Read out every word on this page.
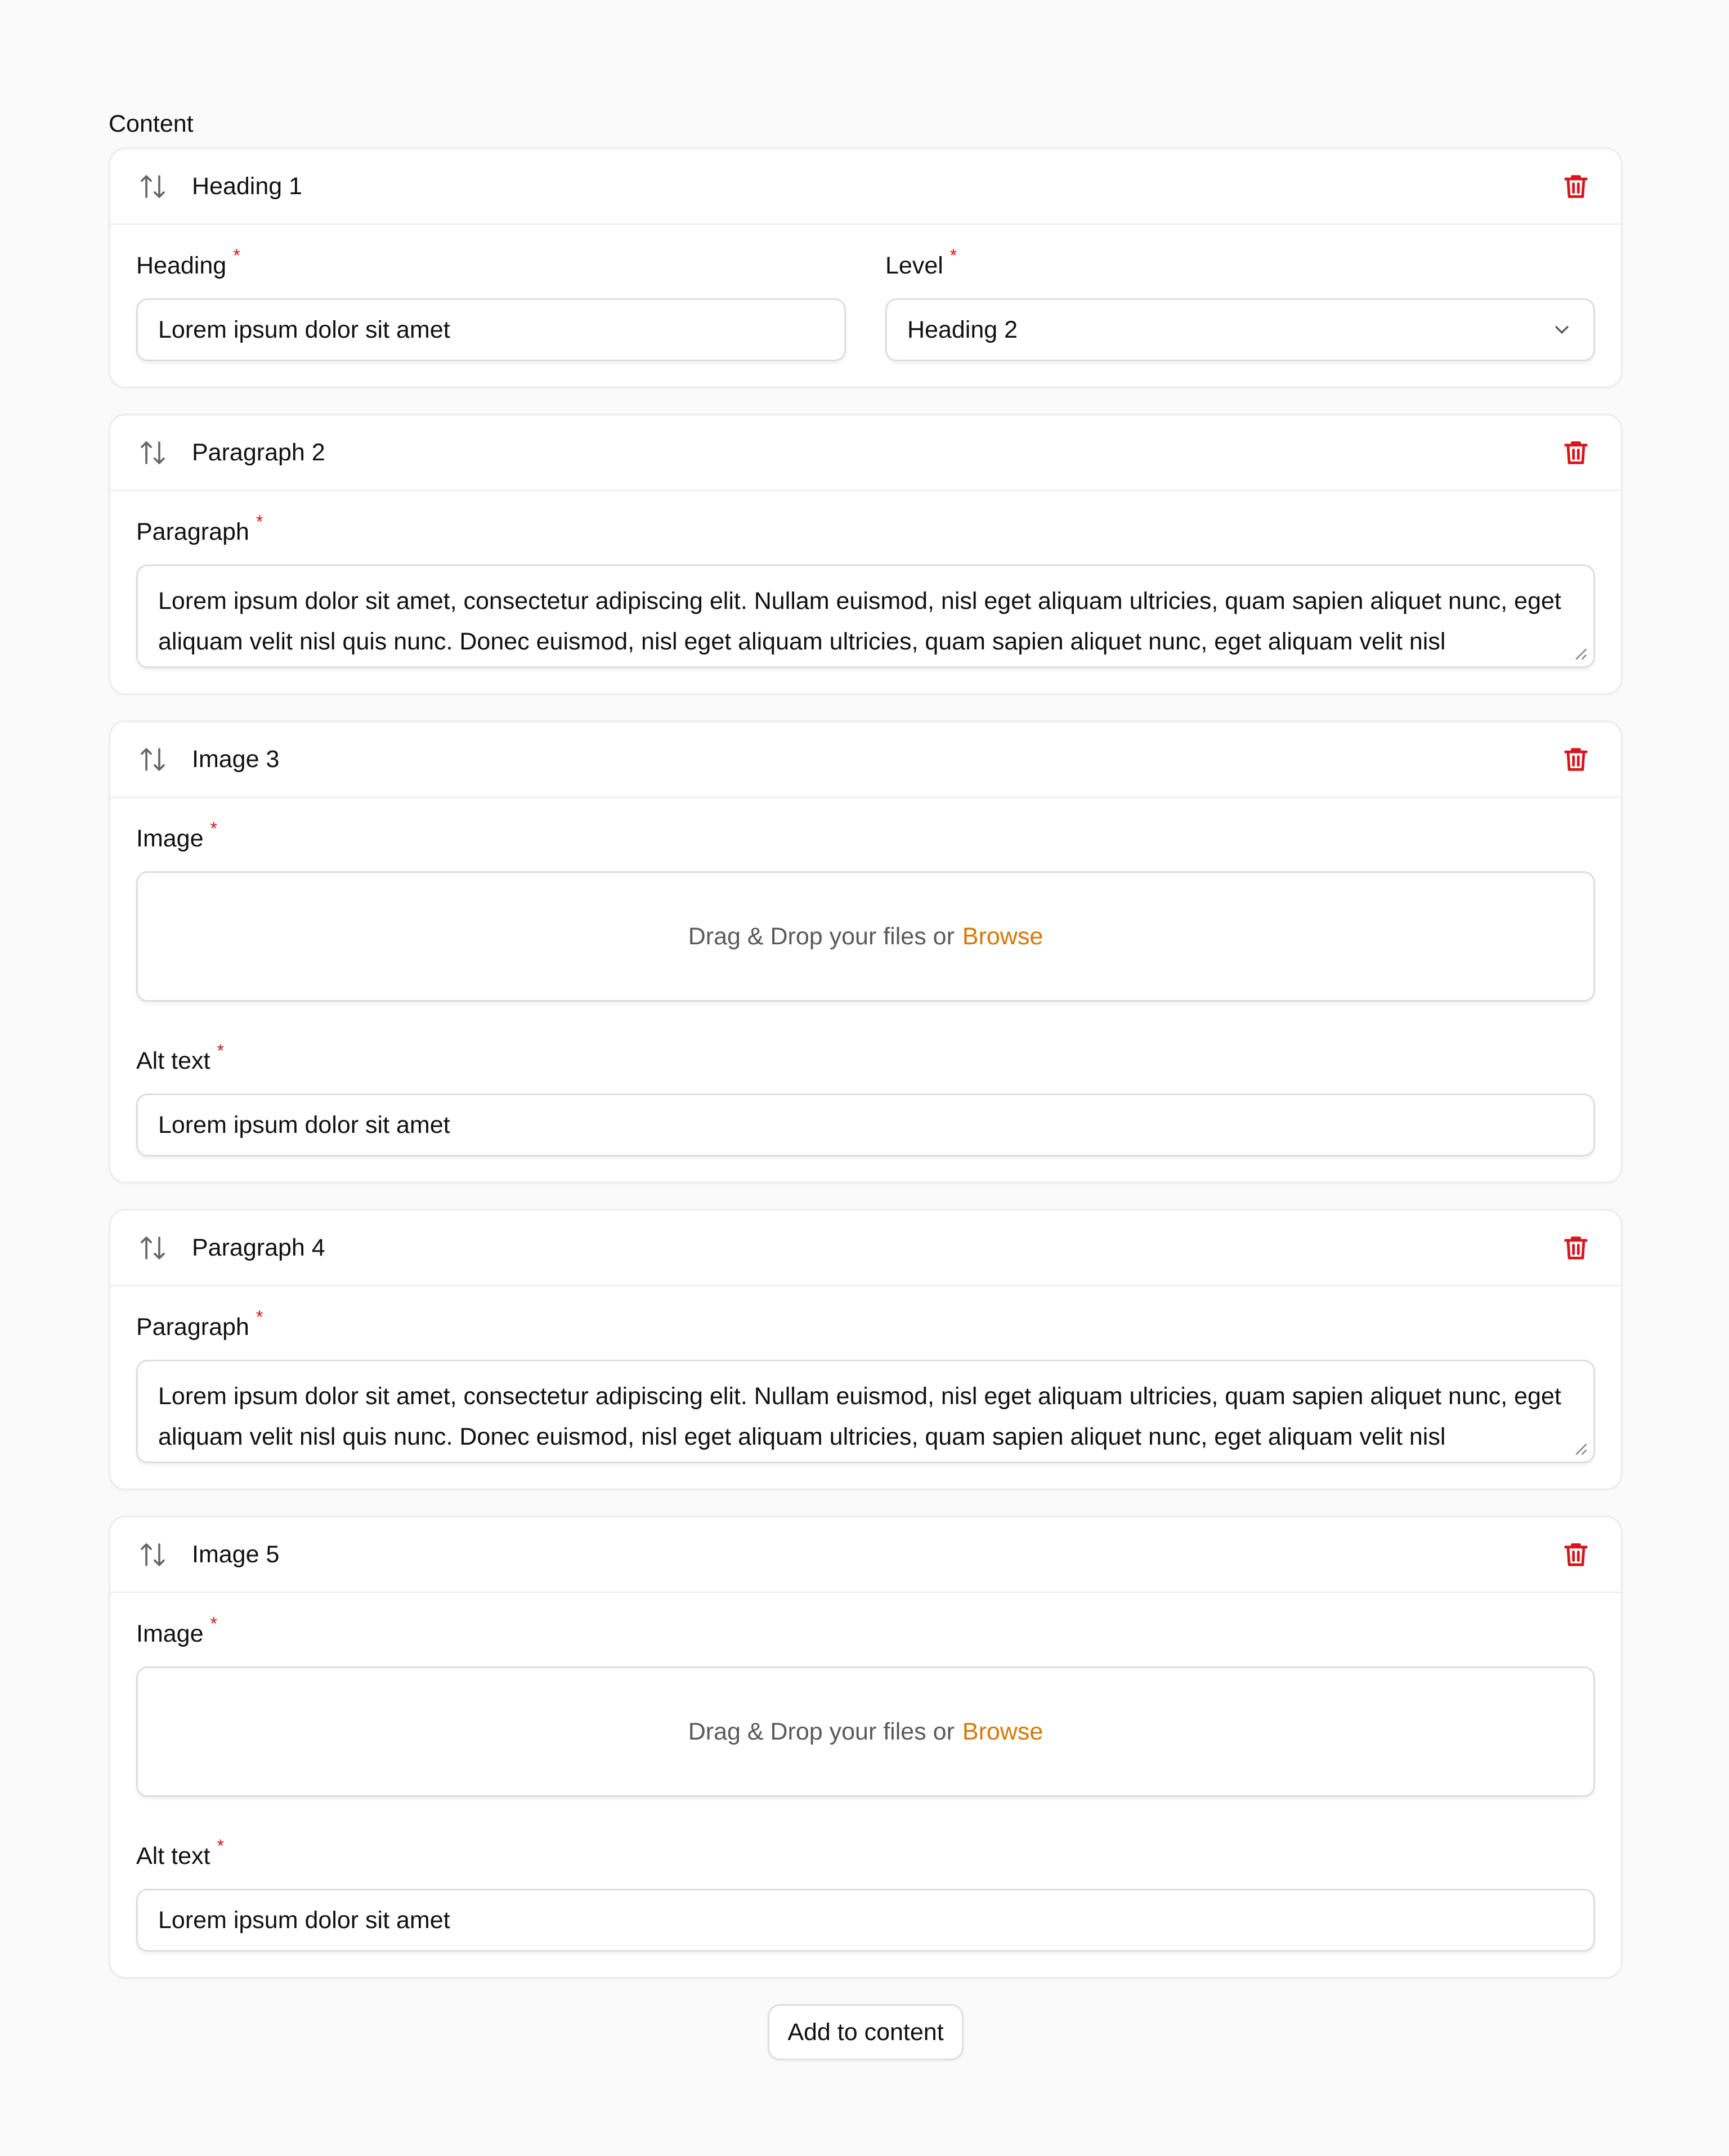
Content
Heading 1
Heading *
Lorem ipsum dolor sit amet
Level *
Heading 2
Paragraph 2
Paragraph *
Lorem ipsum dolor sit amet, consectetur adipiscing elit. Nullam euismod, nisl eget aliquam ultricies, quam sapien aliquet nunc, eget aliquam velit nisl quis nunc. Donec euismod, nisl eget aliquam ultricies, quam sapien aliquet nunc, eget aliquam velit nisl
Image 3
Image *
Drag & Drop your files or Browse
Alt text *
Lorem ipsum dolor sit amet
Paragraph 4
Paragraph *
Lorem ipsum dolor sit amet, consectetur adipiscing elit. Nullam euismod, nisl eget aliquam ultricies, quam sapien aliquet nunc, eget aliquam velit nisl quis nunc. Donec euismod, nisl eget aliquam ultricies, quam sapien aliquet nunc, eget aliquam velit nisl
Image 5
Image *
Drag & Drop your files or Browse
Alt text *
Lorem ipsum dolor sit amet
Add to content
